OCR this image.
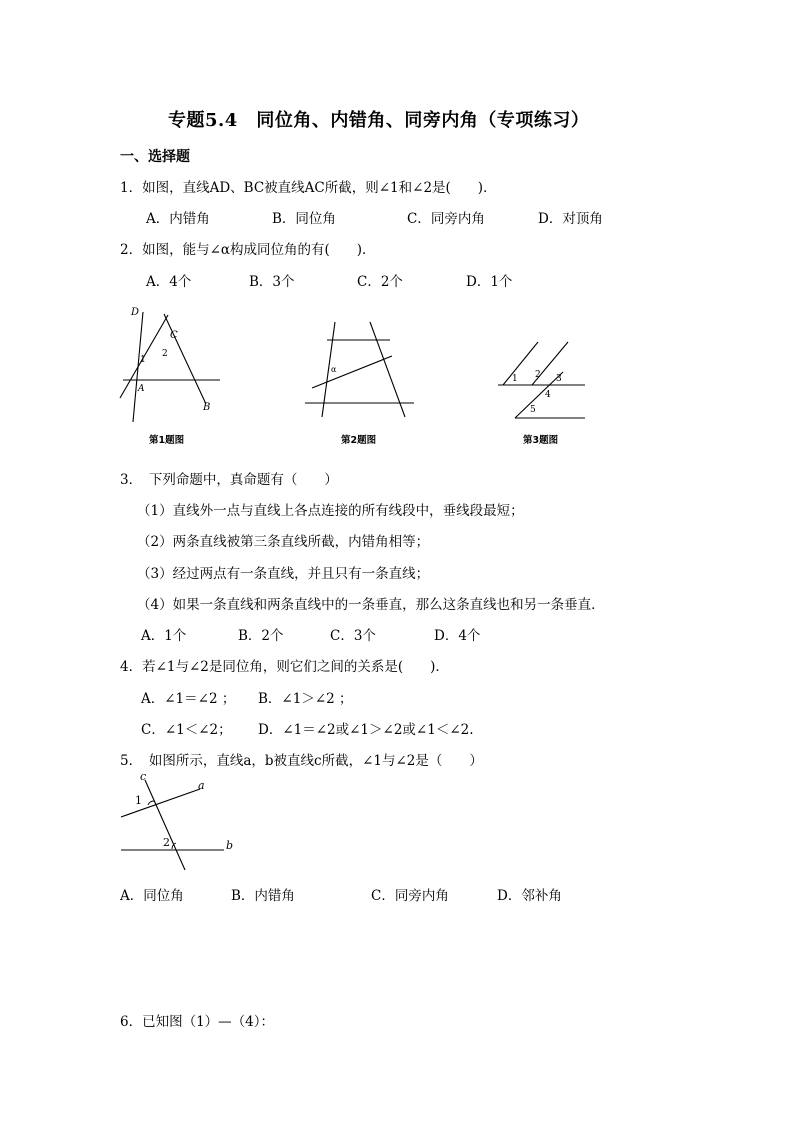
专题5.4　同位角、内错角、同旁内角（专项练习）
一、选择题
1．如图，直线AD、BC被直线AC所截，则∠1和∠2是(　　)．
A．内错角	B．同位角	C．同旁内角	D．对顶角
2．如图，能与∠α构成同位角的有(　　)．
A．4个	B．3个	C．2个	D．1个
D
C
1
2
A
B
第1题图
α
第2题图
1 2 3
4
5
第3题图
3．　下列命题中，真命题有（　　）
（1）直线外一点与直线上各点连接的所有线段中，垂线段最短；
（2）两条直线被第三条直线所截，内错角相等；
（3）经过两点有一条直线，并且只有一条直线；
（4）如果一条直线和两条直线中的一条垂直，那么这条直线也和另一条垂直．
A．1个	B．2个	C．3个	D．4个
4．若∠1与∠2是同位角，则它们之间的关系是(　　)．
A．∠1＝∠2 ； B．∠1＞∠2 ；
C．∠1＜∠2； D．∠1＝∠2或∠1＞∠2或∠1＜∠2.
5．　如图所示，直线a，b被直线c所截，∠1与∠2是（　　）
c
a
1
2	b
A．同位角	B．内错角	C．同旁内角	D．邻补角
6．已知图（1）—（4）：
